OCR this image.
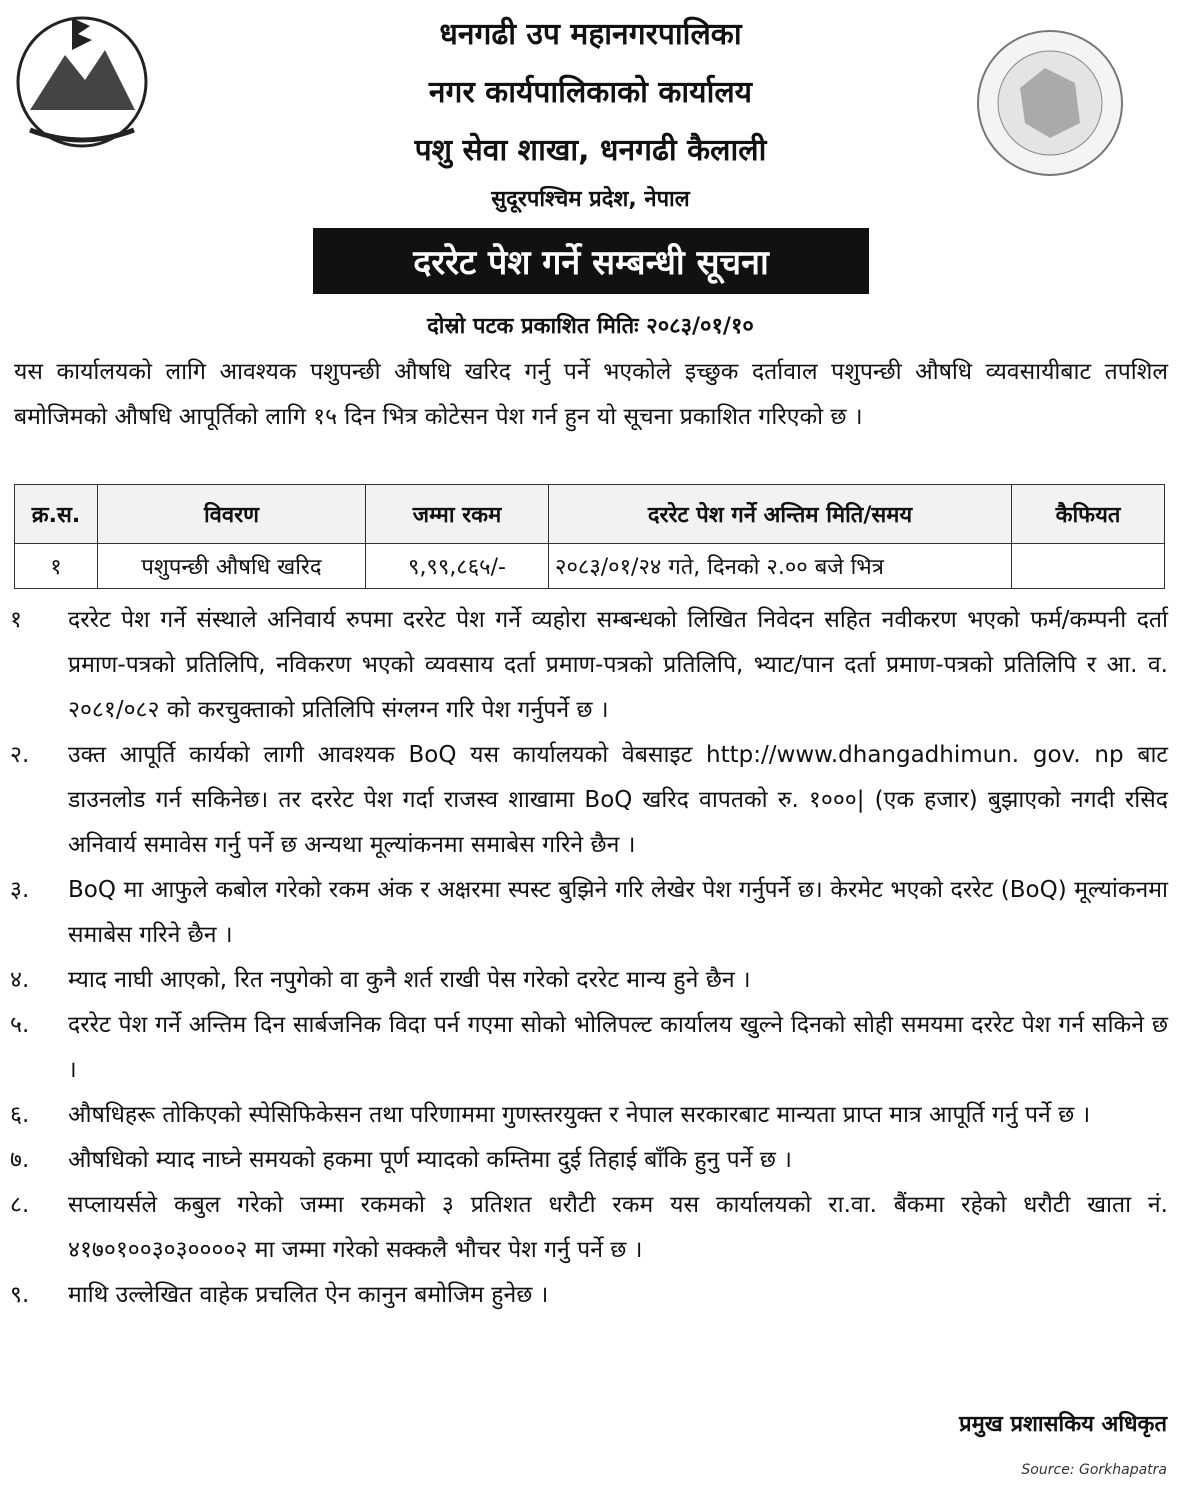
धनगढी उप महानगरपालिका
नगर कार्यपालिकाको कार्यालय
पशु सेवा शाखा, धनगढी कैलाली
सुदूरपश्चिम प्रदेश, नेपाल
दररेट पेश गर्ने सम्बन्धी सूचना
दोस्रो पटक प्रकाशित मितिः २०८३/०१/१०
यस कार्यालयको लागि आवश्यक पशुपन्छी औषधि खरिद गर्नु पर्ने भएकोले इच्छुक दर्तावाल पशुपन्छी औषधि व्यवसायीबाट तपशिल बमोजिमको औषधि आपूर्तिको लागि १५ दिन भित्र कोटेसन पेश गर्न हुन यो सूचना प्रकाशित गरिएको छ ।
क्र.स.	विवरण	जम्मा रकम	दररेट पेश गर्ने अन्तिम मिति/समय	कैफियत
१	पशुपन्छी औषधि खरिद	९,९९,८६५/-	२०८३/०१/२४ गते, दिनको २.०० बजे भित्र	
१	दररेट पेश गर्ने संस्थाले अनिवार्य रुपमा दररेट पेश गर्ने व्यहोरा सम्बन्धको लिखित निवेदन सहित नवीकरण भएको फर्म/कम्पनी दर्ता प्रमाण-पत्रको प्रतिलिपि, नविकरण भएको व्यवसाय दर्ता प्रमाण-पत्रको प्रतिलिपि, भ्याट/पान दर्ता प्रमाण-पत्रको प्रतिलिपि र आ. व. २०८१/०८२ को करचुक्ताको प्रतिलिपि संग्लग्न गरि पेश गर्नुपर्ने छ ।
२.	उक्त आपूर्ति कार्यको लागी आवश्यक BoQ यस कार्यालयको वेबसाइट http://www.dhangadhimun. gov. np बाट डाउनलोड गर्न सकिनेछ। तर दररेट पेश गर्दा राजस्व शाखामा BoQ खरिद वापतको रु. १०००| (एक हजार) बुझाएको नगदी रसिद अनिवार्य समावेस गर्नु पर्ने छ अन्यथा मूल्यांकनमा समाबेस गरिने छैन ।
३.	BoQ मा आफुले कबोल गरेको रकम अंक र अक्षरमा स्पस्ट बुझिने गरि लेखेर पेश गर्नुपर्ने छ। केरमेट भएको दररेट (BoQ) मूल्यांकनमा समाबेस गरिने छैन ।
४.	म्याद नाघी आएको, रित नपुगेको वा कुनै शर्त राखी पेस गरेको दररेट मान्य हुने छैन ।
५.	दररेट पेश गर्ने अन्तिम दिन सार्बजनिक विदा पर्न गएमा सोको भोलिपल्ट कार्यालय खुल्ने दिनको सोही समयमा दररेट पेश गर्न सकिने छ ।
६.	औषधिहरू तोकिएको स्पेसिफिकेसन तथा परिणाममा गुणस्तरयुक्त र नेपाल सरकारबाट मान्यता प्राप्त मात्र आपूर्ति गर्नु पर्ने छ ।
७.	औषधिको म्याद नाघ्ने समयको हकमा पूर्ण म्यादको कम्तिमा दुई तिहाई बाँकि हुनु पर्ने छ ।
८.	सप्लायर्सले कबुल गरेको जम्मा रकमको ३ प्रतिशत धरौटी रकम यस कार्यालयको रा.वा. बैंकमा रहेको धरौटी खाता नं. ४१७०१००३०३००००२ मा जम्मा गरेको सक्कलै भौचर पेश गर्नु पर्ने छ ।
९.	माथि उल्लेखित वाहेक प्रचलित ऐन कानुन बमोजिम हुनेछ ।
प्रमुख प्रशासकिय अधिकृत
Source: Gorkhapatra
